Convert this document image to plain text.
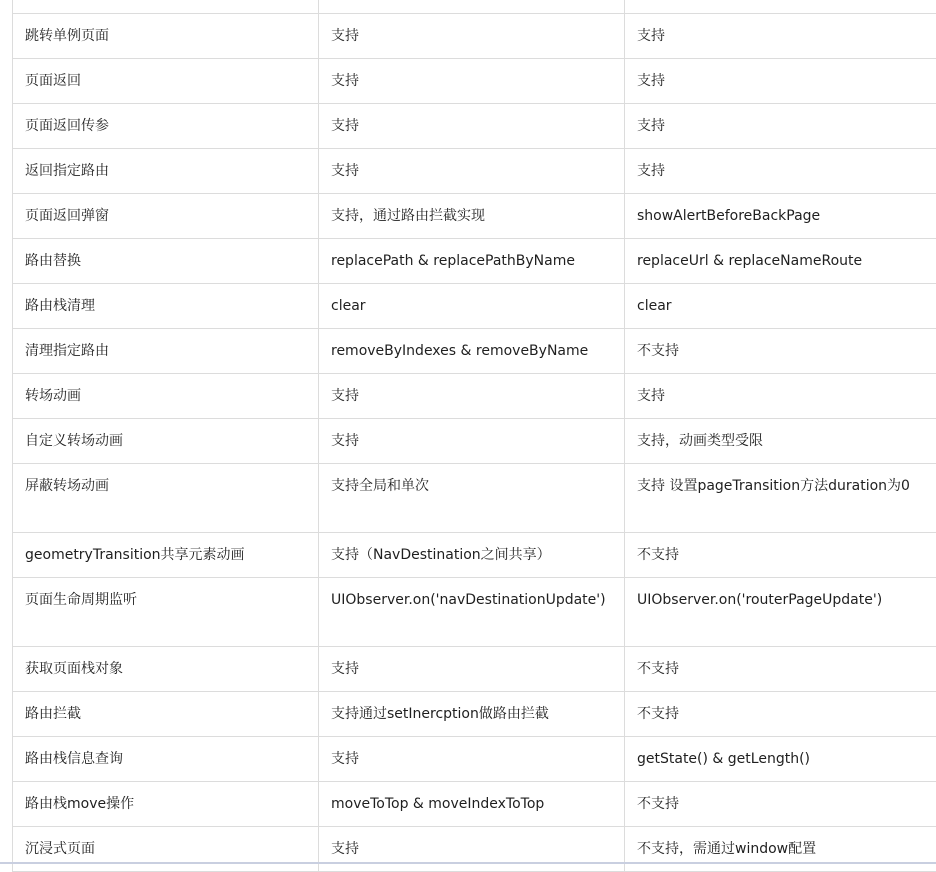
跳转单例页面	支持	支持
页面返回	支持	支持
页面返回传参	支持	支持
返回指定路由	支持	支持
页面返回弹窗	支持，通过路由拦截实现	showAlertBeforeBackPage
路由替换	replacePath & replacePathByName	replaceUrl & replaceNameRoute
路由栈清理	clear	clear
清理指定路由	removeByIndexes & removeByName	不支持
转场动画	支持	支持
自定义转场动画	支持	支持，动画类型受限
屏蔽转场动画	支持全局和单次	支持 设置pageTransition方法duration为0
geometryTransition共享元素动画	支持（NavDestination之间共享）	不支持
页面生命周期监听	UIObserver.on('navDestinationUpdate')	UIObserver.on('routerPageUpdate')
获取页面栈对象	支持	不支持
路由拦截	支持通过setInercption做路由拦截	不支持
路由栈信息查询	支持	getState() & getLength()
路由栈move操作	moveToTop & moveIndexToTop	不支持
沉浸式页面	支持	不支持，需通过window配置
